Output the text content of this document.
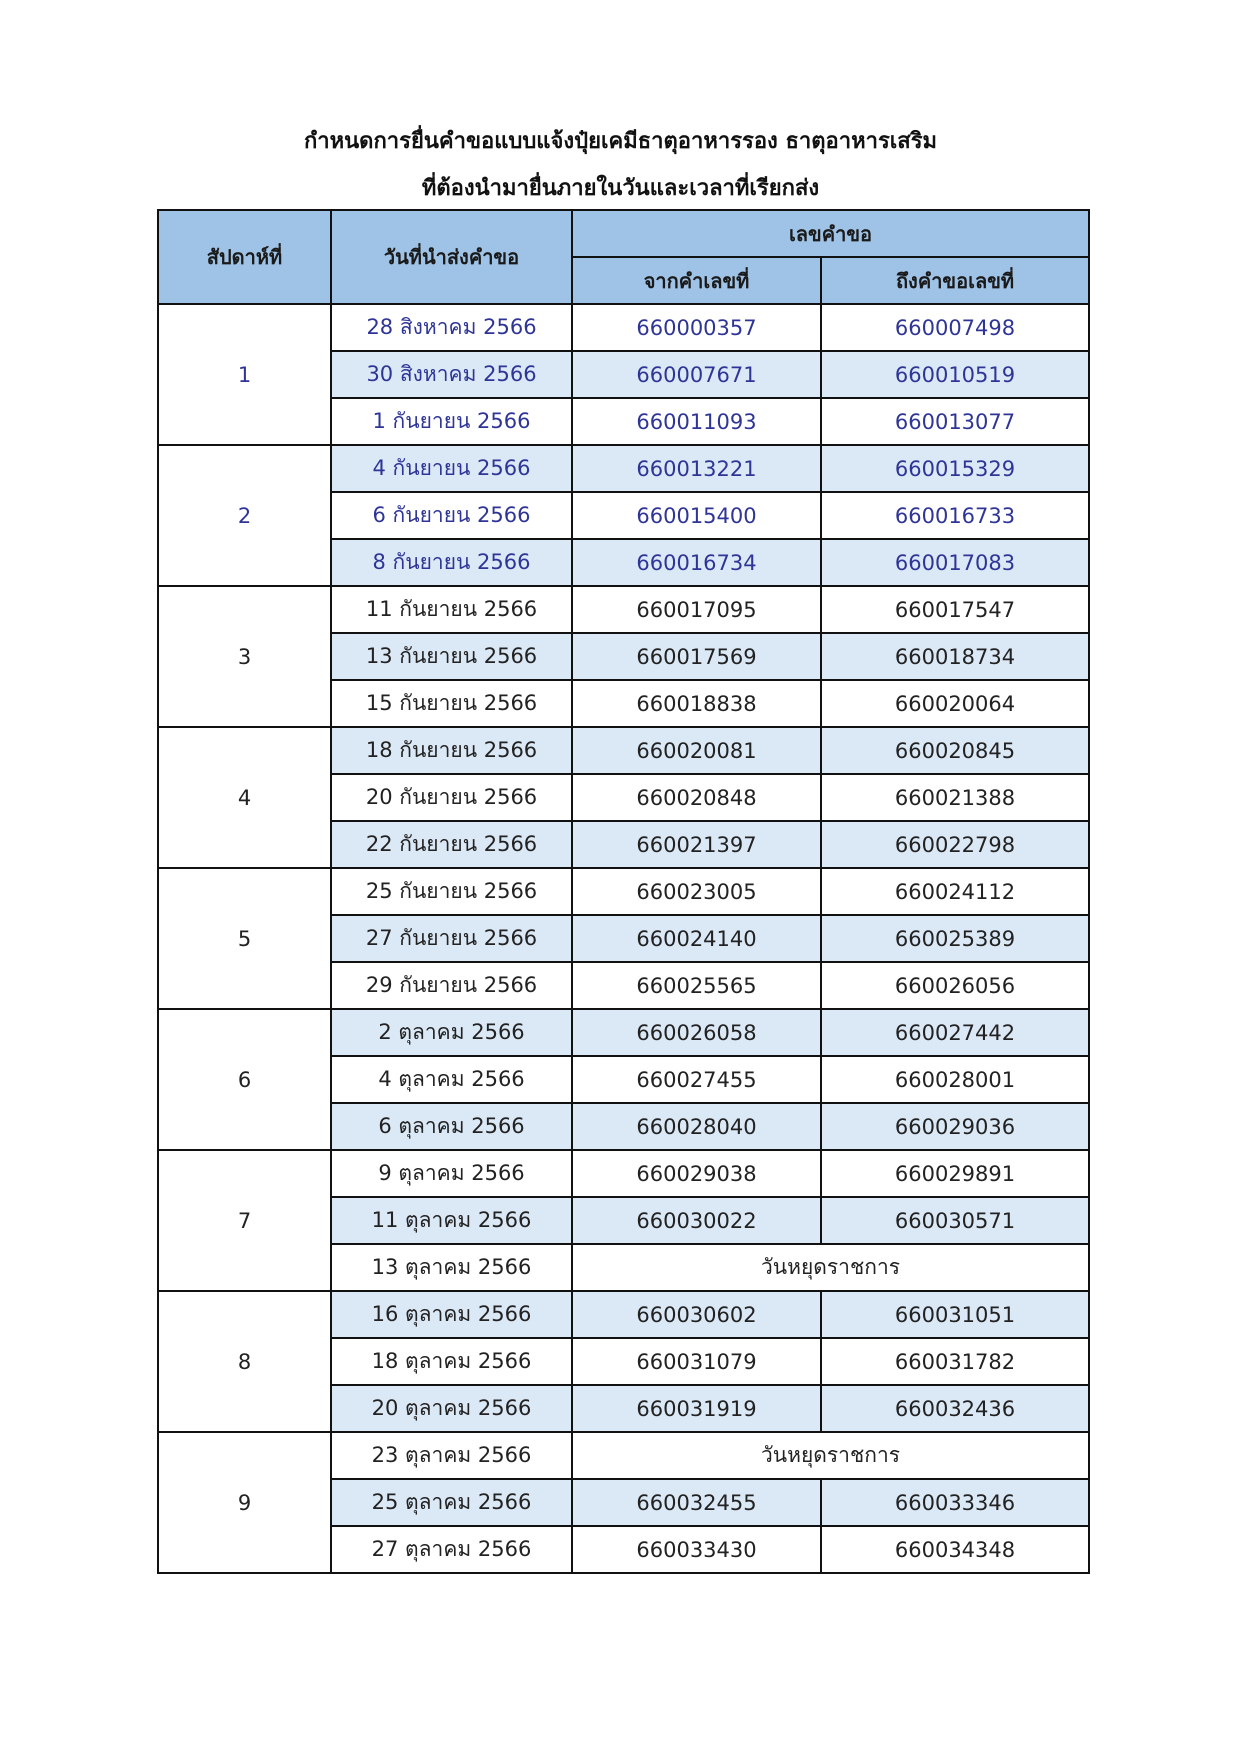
กำหนดการยื่นคำขอแบบแจ้งปุ๋ยเคมีธาตุอาหารรอง ธาตุอาหารเสริม
ที่ต้องนำมายื่นภายในวันและเวลาที่เรียกส่ง
สัปดาห์ที่	วันที่นำส่งคำขอ	เลขคำขอ	
		จากคำเลขที่	ถึงคำขอเลขที่
1	28 สิงหาคม 2566	660000357	660007498
	30 สิงหาคม 2566	660007671	660010519
	1 กันยายน 2566	660011093	660013077
2	4 กันยายน 2566	660013221	660015329
	6 กันยายน 2566	660015400	660016733
	8 กันยายน 2566	660016734	660017083
3	11 กันยายน 2566	660017095	660017547
	13 กันยายน 2566	660017569	660018734
	15 กันยายน 2566	660018838	660020064
4	18 กันยายน 2566	660020081	660020845
	20 กันยายน 2566	660020848	660021388
	22 กันยายน 2566	660021397	660022798
5	25 กันยายน 2566	660023005	660024112
	27 กันยายน 2566	660024140	660025389
	29 กันยายน 2566	660025565	660026056
6	2 ตุลาคม 2566	660026058	660027442
	4 ตุลาคม 2566	660027455	660028001
	6 ตุลาคม 2566	660028040	660029036
7	9 ตุลาคม 2566	660029038	660029891
	11 ตุลาคม 2566	660030022	660030571
	13 ตุลาคม 2566	วันหยุดราชการ	
8	16 ตุลาคม 2566	660030602	660031051
	18 ตุลาคม 2566	660031079	660031782
	20 ตุลาคม 2566	660031919	660032436
9	23 ตุลาคม 2566	วันหยุดราชการ	
	25 ตุลาคม 2566	660032455	660033346
	27 ตุลาคม 2566	660033430	660034348
